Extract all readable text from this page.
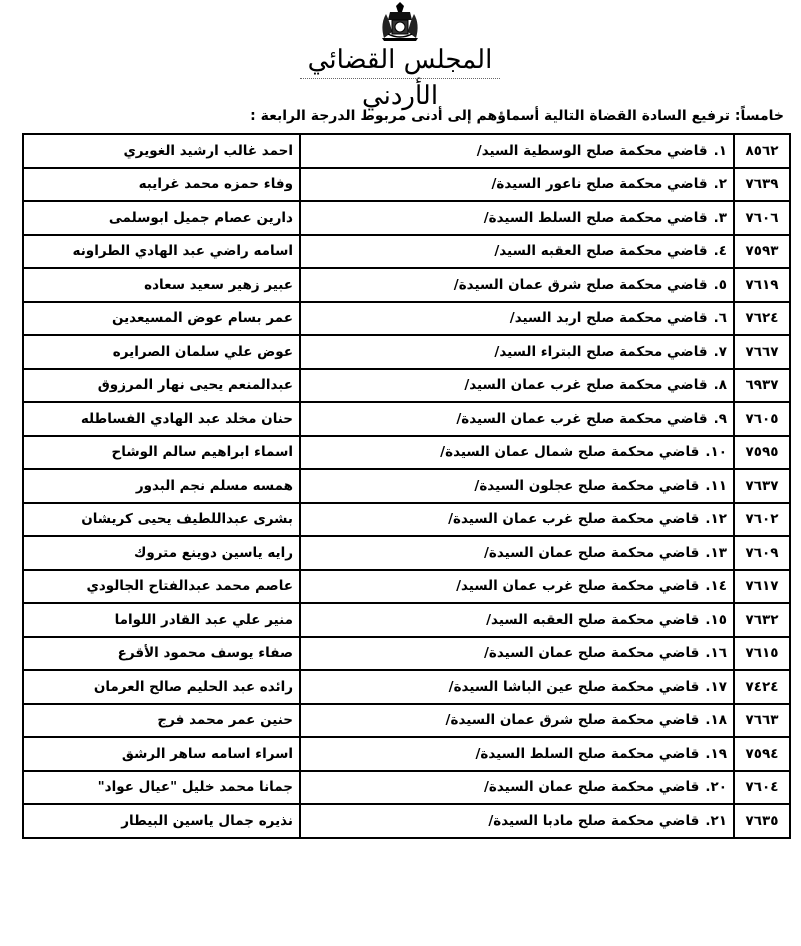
المجلس القضائي الأردني
خامساً: ترفيع السادة القضاة التالية أسماؤهم إلى أدنى مربوط الدرجة الرابعة :
٨٥٦٢	١.قاضي محكمة صلح الوسطية السيد/	احمد غالب ارشيد الغويري
٧٦٣٩	٢.قاضي محكمة صلح ناعور السيدة/	وفاء حمزه محمد غرايبه
٧٦٠٦	٣.قاضي محكمة صلح السلط السيدة/	دارين عصام جميل ابوسلمى
٧٥٩٣	٤.قاضي محكمة صلح العقبه السيد/	اسامه راضي عبد الهادي الطراونه
٧٦١٩	٥.قاضي محكمة صلح شرق عمان السيدة/	عبير زهير سعيد سعاده
٧٦٢٤	٦.قاضي محكمة صلح اربد السيد/	عمر بسام عوض المسيعدين
٧٦٦٧	٧.قاضي محكمة صلح البتراء السيد/	عوض علي سلمان الصرايره
٦٩٣٧	٨.قاضي محكمة صلح غرب عمان السيد/	عبدالمنعم يحيى نهار المرزوق
٧٦٠٥	٩.قاضي محكمة صلح غرب عمان السيدة/	حنان مخلد عبد الهادي الفساطله
٧٥٩٥	١٠.قاضي محكمة صلح شمال عمان السيدة/	اسماء ابراهيم سالم الوشاح
٧٦٣٧	١١.قاضي محكمة صلح عجلون السيدة/	همسه مسلم نجم البدور
٧٦٠٢	١٢.قاضي محكمة صلح غرب عمان السيدة/	بشرى عبداللطيف يحيى كريشان
٧٦٠٩	١٣.قاضي محكمة صلح عمان السيدة/	رايه ياسين دوينع متروك
٧٦١٧	١٤.قاضي محكمة صلح غرب عمان السيد/	عاصم محمد عبدالفتاح الجالودي
٧٦٣٢	١٥.قاضي محكمة صلح العقبه السيد/	منير علي عبد القادر اللواما
٧٦١٥	١٦.قاضي محكمة صلح عمان السيدة/	صفاء يوسف محمود الأقرع
٧٤٢٤	١٧.قاضي محكمة صلح عين الباشا السيدة/	رائده عبد الحليم صالح العرمان
٧٦٦٣	١٨.قاضي محكمة صلح شرق عمان السيدة/	حنين عمر محمد فرج
٧٥٩٤	١٩.قاضي محكمة صلح السلط السيدة/	اسراء اسامه ساهر الرشق
٧٦٠٤	٢٠.قاضي محكمة صلح عمان السيدة/	جمانا محمد خليل "عيال عواد"
٧٦٣٥	٢١.قاضي محكمة صلح مادبا السيدة/	نذيره جمال ياسين البيطار
